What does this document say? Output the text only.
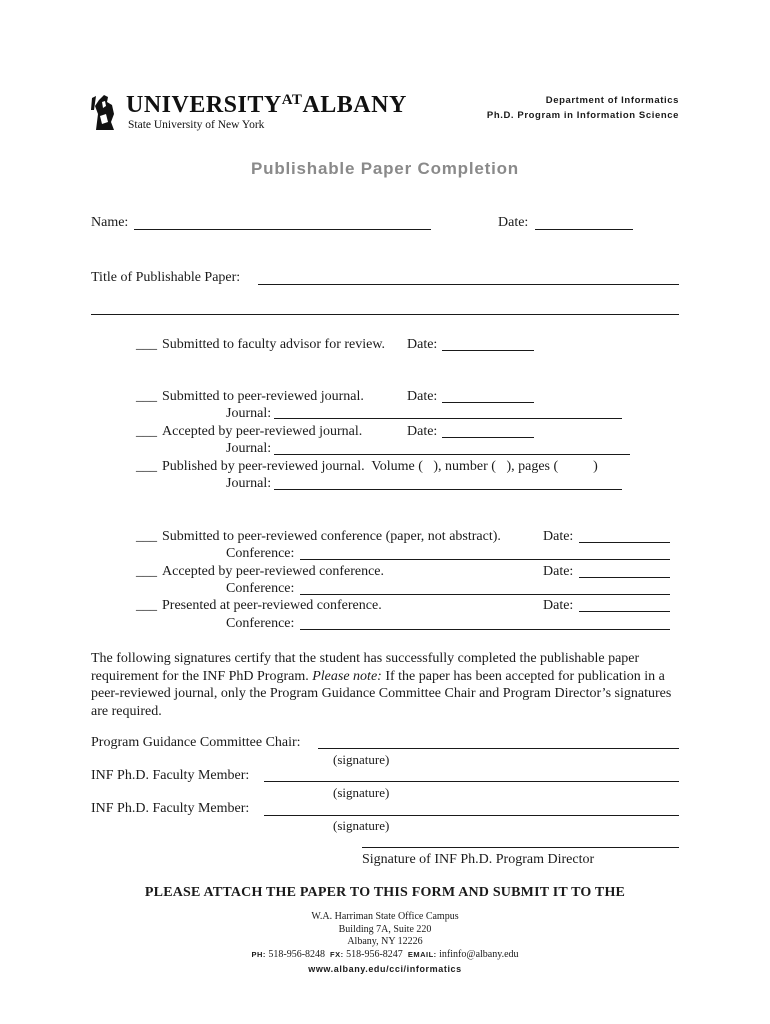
$UNIVERSITY^{AT}ALBANY$
State University of New York
Department of Informatics
Ph.D. Program in Information Science
Publishable Paper Completion
Name:	Date:
Title of Publishable Paper:
___ Submitted to faculty advisor for review. Date:
___ Submitted to peer-reviewed journal.	Date:
Journal:
___ Accepted by peer-reviewed journal.	Date:
Journal:
___ Published by peer-reviewed journal.  Volume (   ), number (   ), pages (          )
Journal:
___ Submitted to peer-reviewed conference (paper, not abstract).	Date:
Conference:
___ Accepted by peer-reviewed conference.	Date:
Conference:
___ Presented at peer-reviewed conference.	Date:
Conference:
The following signatures certify that the student has successfully completed the publishable paper requirement for the INF PhD Program. Please note: If the paper has been accepted for publication in a peer-reviewed journal, only the Program Guidance Committee Chair and Program Director’s signatures are required.
Program Guidance Committee Chair:
(signature)
INF Ph.D. Faculty Member:
(signature)
INF Ph.D. Faculty Member:
(signature)
Signature of INF Ph.D. Program Director
PLEASE ATTACH THE PAPER TO THIS FORM AND SUBMIT IT TO THE
W.A. Harriman State Office Campus
Building 7A, Suite 220
Albany, NY 12226
PH: 518-956-8248 FX: 518-956-8247 EMAIL: infinfo@albany.edu
www.albany.edu/cci/informatics
